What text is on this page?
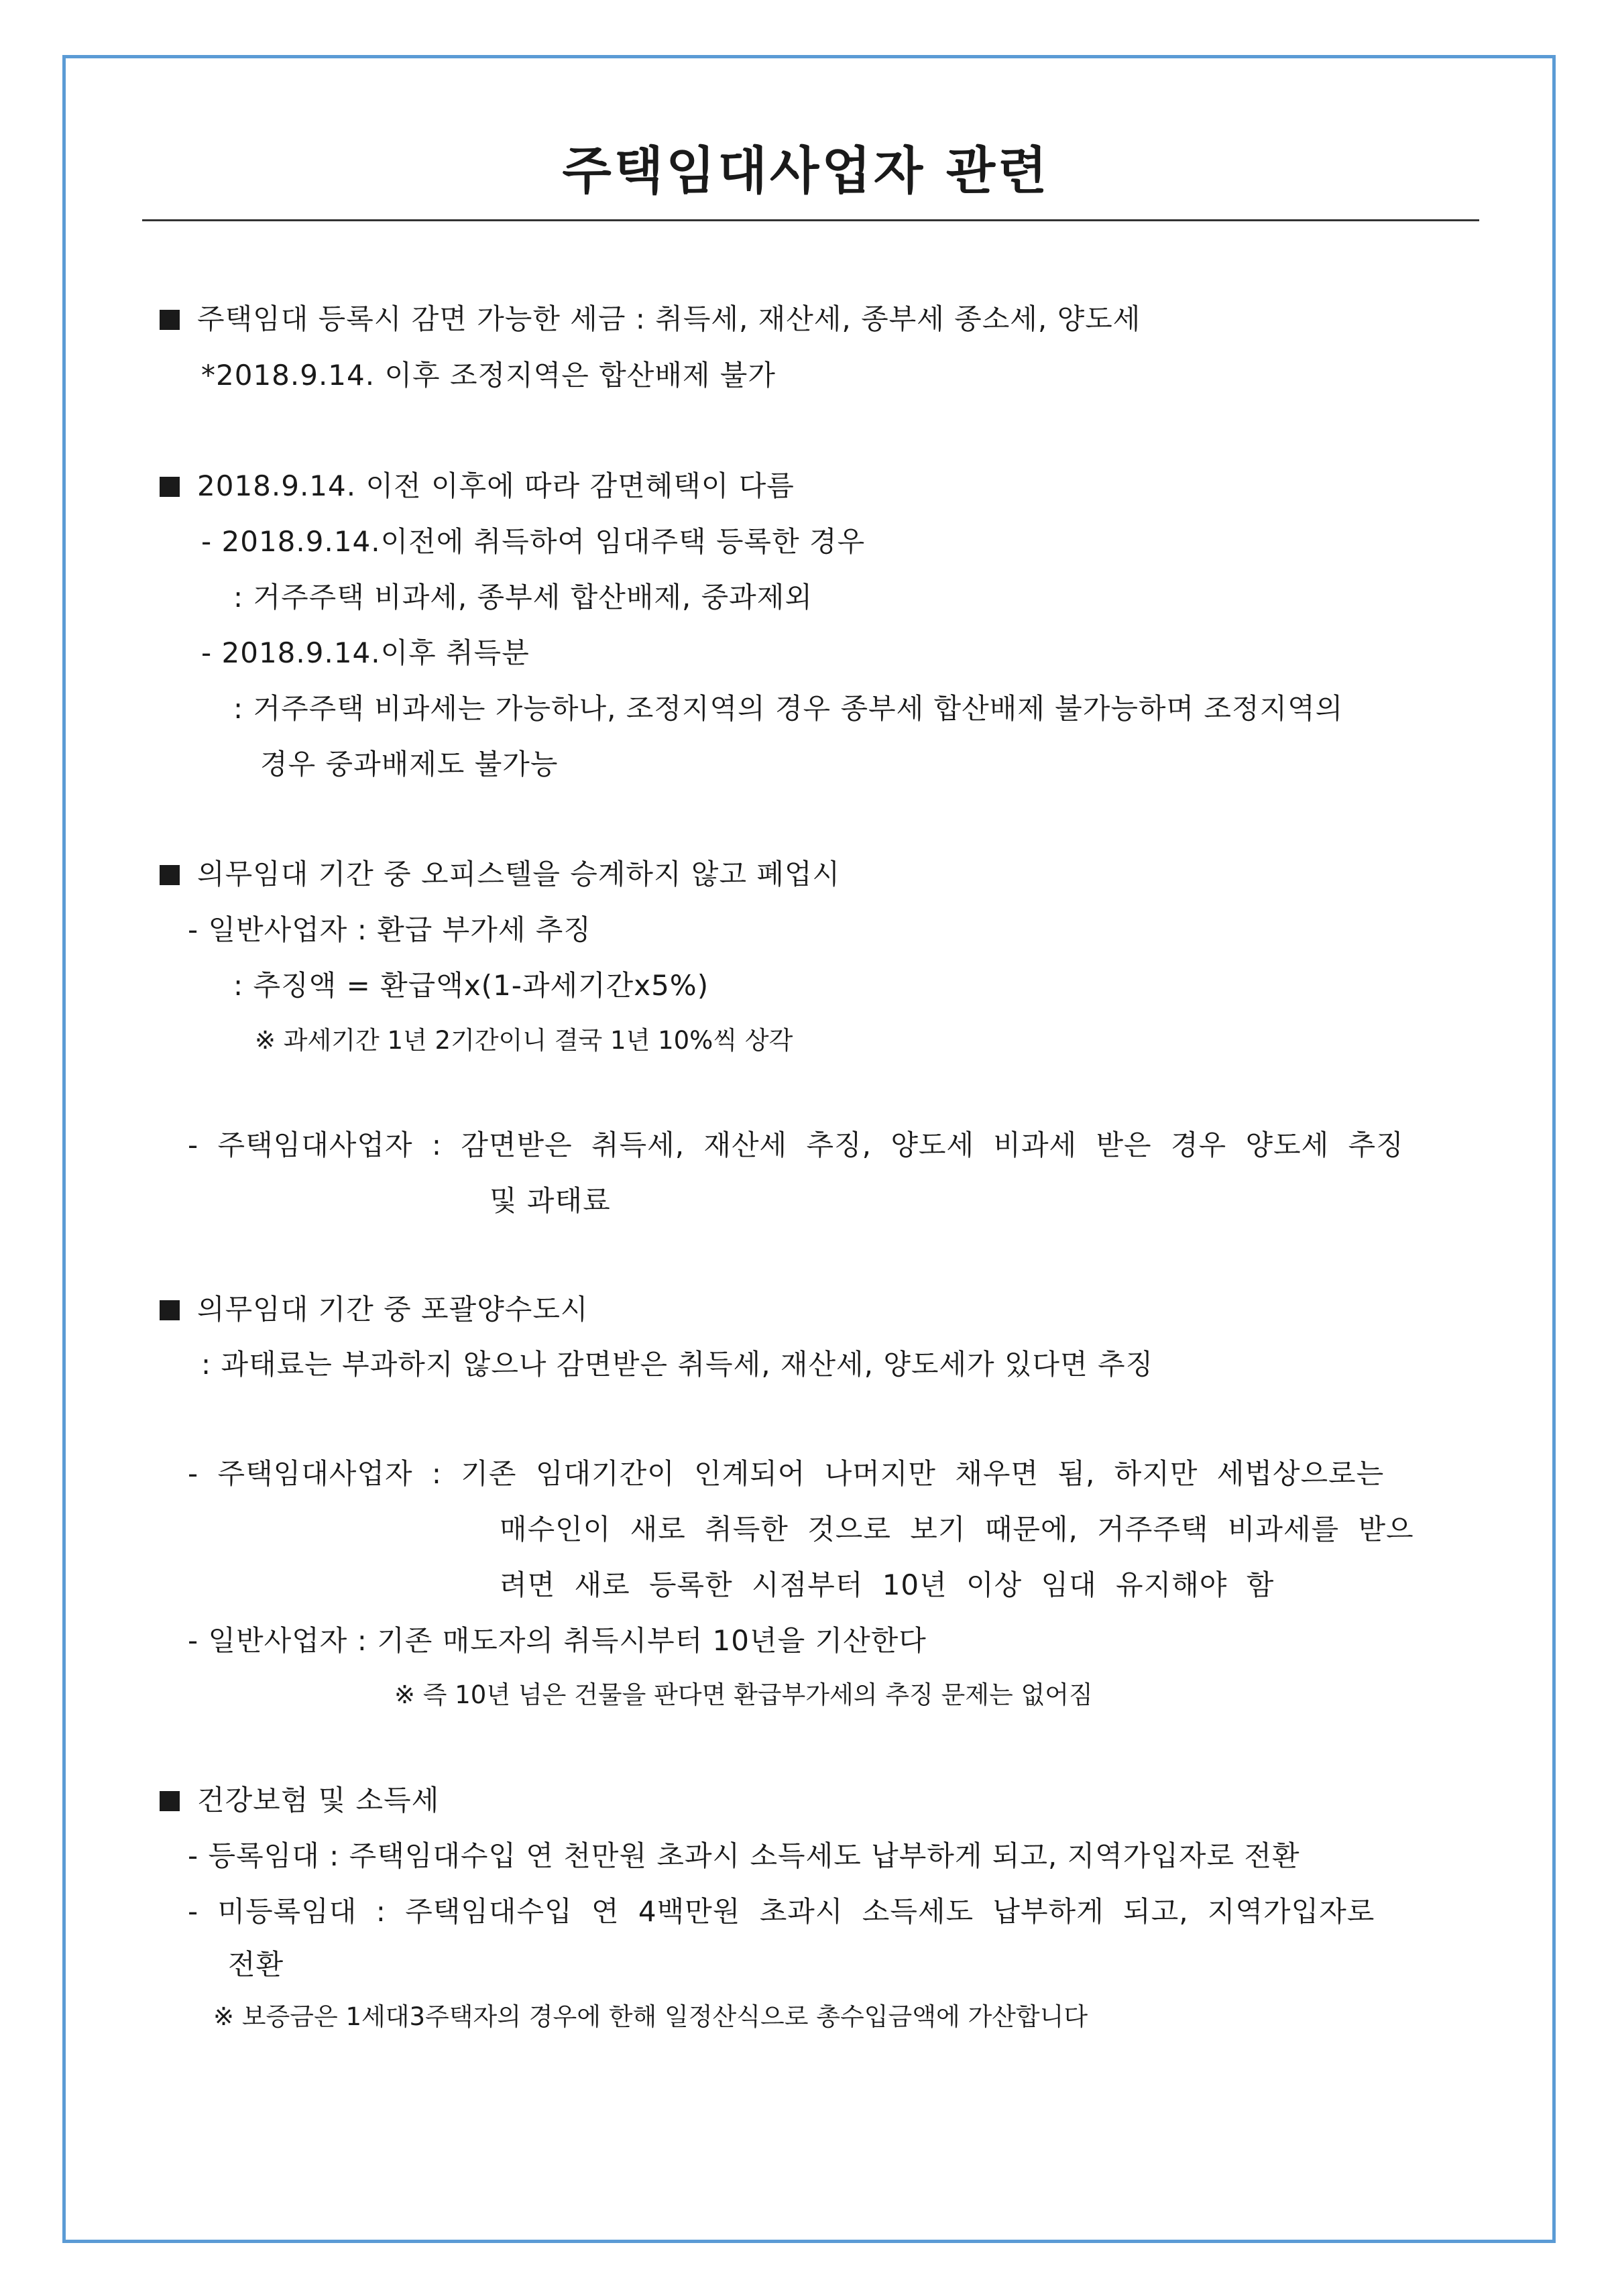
주택임대사업자 관련
주택임대 등록시 감면 가능한 세금 : 취득세, 재산세, 종부세 종소세, 양도세
*2018.9.14. 이후 조정지역은 합산배제 불가
2018.9.14. 이전 이후에 따라 감면혜택이 다름
- 2018.9.14.이전에 취득하여 임대주택 등록한 경우
: 거주주택 비과세, 종부세 합산배제, 중과제외
- 2018.9.14.이후 취득분
: 거주주택 비과세는 가능하나, 조정지역의 경우 종부세 합산배제 불가능하며 조정지역의
경우 중과배제도 불가능
의무임대 기간 중 오피스텔을 승계하지 않고 폐업시
- 일반사업자 : 환급 부가세 추징
: 추징액 = 환급액x(1-과세기간x5%)
※ 과세기간 1년 2기간이니 결국 1년 10%씩 상각
- 주택임대사업자 : 감면받은 취득세, 재산세 추징, 양도세 비과세 받은 경우 양도세 추징
및 과태료
의무임대 기간 중 포괄양수도시
: 과태료는 부과하지 않으나 감면받은 취득세, 재산세, 양도세가 있다면 추징
- 주택임대사업자 : 기존 임대기간이 인계되어 나머지만 채우면 됨, 하지만 세법상으로는
매수인이 새로 취득한 것으로 보기 때문에, 거주주택 비과세를 받으
려면 새로 등록한 시점부터 10년 이상 임대 유지해야 함
- 일반사업자 : 기존 매도자의 취득시부터 10년을 기산한다
※ 즉 10년 넘은 건물을 판다면 환급부가세의 추징 문제는 없어짐
건강보험 및 소득세
- 등록임대 : 주택임대수입 연 천만원 초과시 소득세도 납부하게 되고, 지역가입자로 전환
- 미등록임대 : 주택임대수입 연 4백만원 초과시 소득세도 납부하게 되고, 지역가입자로
전환
※ 보증금은 1세대3주택자의 경우에 한해 일정산식으로 총수입금액에 가산합니다
